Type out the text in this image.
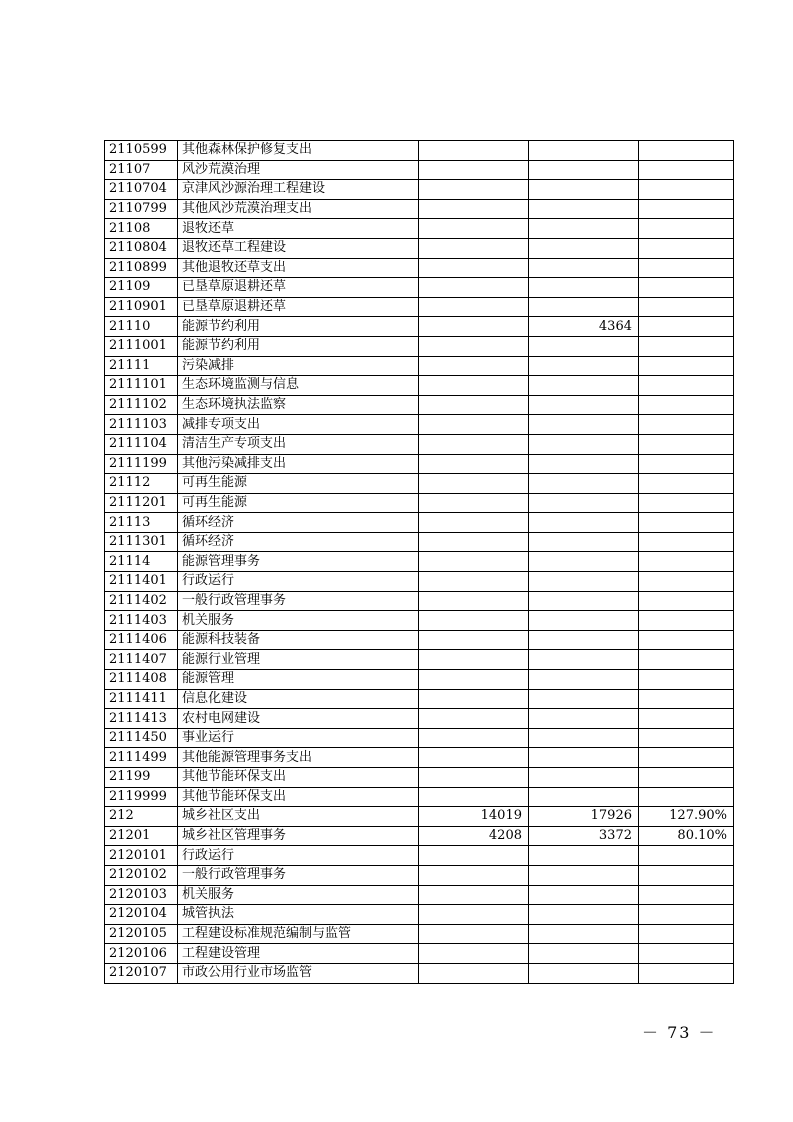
2110599	其他森林保护修复支出			
21107	风沙荒漠治理			
2110704	京津风沙源治理工程建设			
2110799	其他风沙荒漠治理支出			
21108	退牧还草			
2110804	退牧还草工程建设			
2110899	其他退牧还草支出			
21109	已垦草原退耕还草			
2110901	已垦草原退耕还草			
21110	能源节约利用		4364	
2111001	能源节约利用			
21111	污染减排			
2111101	生态环境监测与信息			
2111102	生态环境执法监察			
2111103	减排专项支出			
2111104	清洁生产专项支出			
2111199	其他污染减排支出			
21112	可再生能源			
2111201	可再生能源			
21113	循环经济			
2111301	循环经济			
21114	能源管理事务			
2111401	行政运行			
2111402	一般行政管理事务			
2111403	机关服务			
2111406	能源科技装备			
2111407	能源行业管理			
2111408	能源管理			
2111411	信息化建设			
2111413	农村电网建设			
2111450	事业运行			
2111499	其他能源管理事务支出			
21199	其他节能环保支出			
2119999	其他节能环保支出			
212	城乡社区支出	14019	17926	127.90%
21201	城乡社区管理事务	4208	3372	80.10%
2120101	行政运行			
2120102	一般行政管理事务			
2120103	机关服务			
2120104	城管执法			
2120105	工程建设标准规范编制与监管			
2120106	工程建设管理			
2120107	市政公用行业市场监管			
－ 73 －
